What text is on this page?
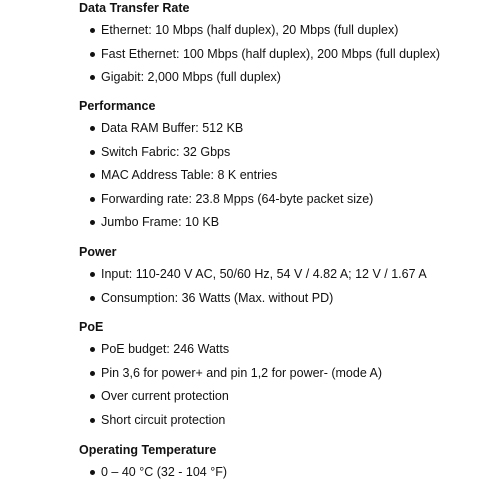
Data Transfer Rate
Ethernet: 10 Mbps (half duplex), 20 Mbps (full duplex)
Fast Ethernet: 100 Mbps (half duplex), 200 Mbps (full duplex)
Gigabit: 2,000 Mbps (full duplex)
Performance
Data RAM Buffer: 512 KB
Switch Fabric: 32 Gbps
MAC Address Table: 8 K entries
Forwarding rate: 23.8 Mpps (64-byte packet size)
Jumbo Frame: 10 KB
Power
Input: 110-240 V AC, 50/60 Hz, 54 V / 4.82 A; 12 V / 1.67 A
Consumption: 36 Watts (Max. without PD)
PoE
PoE budget: 246 Watts
Pin 3,6 for power+ and pin 1,2 for power- (mode A)
Over current protection
Short circuit protection
Operating Temperature
0 – 40 °C (32 - 104 °F)
